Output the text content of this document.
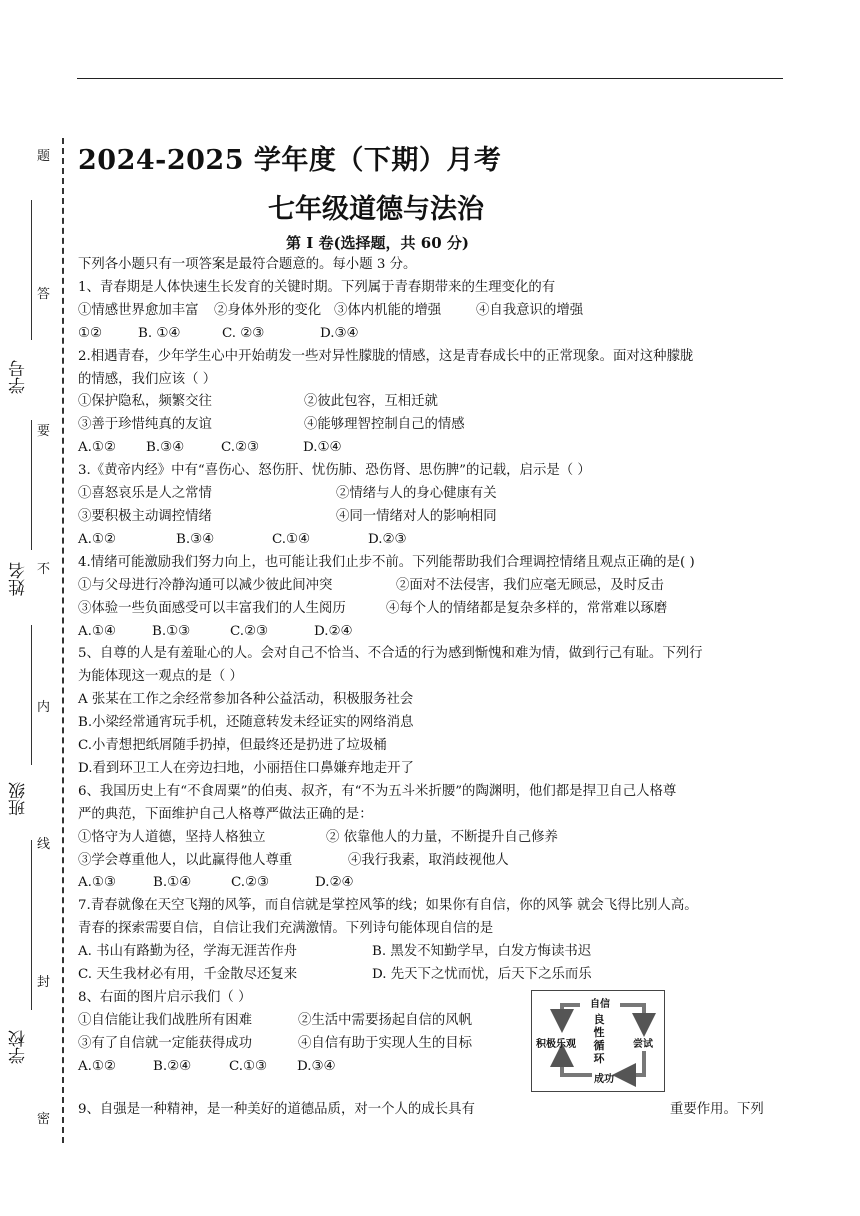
题
答
要
不
内
线
封
密
学号
姓名
班级
学校
2024-2025 学年度（下期）月考
七年级道德与法治
第 I 卷(选择题，共 60 分)

下列各小题只有一项答案是最符合题意的。每小题 3 分。

1、青春期是人体快速生长发育的关键时期。下列属于青春期带来的生理变化的有

①情感世界愈加丰富	②身体外形的变化 ③体内机能的增强	④自我意识的增强
①②	B. ①④	C. ②③	D.③④

2.相遇青春，少年学生心中开始萌发一些对异性朦胧的情感，这是青春成长中的正常现象。面对这种朦胧

的情感，我们应该（ ）

①保护隐私，频繁交往	②彼此包容，互相迁就
③善于珍惜纯真的友谊	④能够理智控制自己的情感
A.①②	B.③④	C.②③	D.①④

3.《黄帝内经》中有“喜伤心、怒伤肝、忧伤肺、恐伤肾、思伤脾”的记载，启示是（ ）

①喜怒哀乐是人之常情	②情绪与人的身心健康有关
③要积极主动调控情绪	④同一情绪对人的影响相同
A.①②	B.③④	C.①④	D.②③

4.情绪可能激励我们努力向上，也可能让我们止步不前。下列能帮助我们合理调控情绪且观点正确的是( )

①与父母进行冷静沟通可以减少彼此间冲突	②面对不法侵害，我们应毫无顾忌，及时反击
③体验一些负面感受可以丰富我们的人生阅历	④每个人的情绪都是复杂多样的，常常难以琢磨
A.①④	B.①③	C.②③	D.②④

5、自尊的人是有羞耻心的人。会对自己不恰当、不合适的行为感到惭愧和难为情，做到行己有耻。下列行

为能体现这一观点的是（ ）

A 张某在工作之余经常参加各种公益活动，积极服务社会

B.小梁经常通宵玩手机，还随意转发未经证实的网络消息

C.小青想把纸屑随手扔掉，但最终还是扔进了垃圾桶

D.看到环卫工人在旁边扫地，小丽捂住口鼻嫌弃地走开了

6、我国历史上有“不食周粟”的伯夷、叔齐，有“不为五斗米折腰”的陶渊明，他们都是捍卫自己人格尊

严的典范，下面维护自己人格尊严做法正确的是：

①恪守为人道德，坚持人格独立	② 依靠他人的力量，不断提升自己修养
③学会尊重他人，以此赢得他人尊重	④我行我素，取消歧视他人
A.①③	B.①④	C.②③	D.②④

7.青春就像在天空飞翔的风筝，而自信就是掌控风筝的线；如果你有自信，你的风筝 就会飞得比别人高。

青春的探索需要自信，自信让我们充满激情。下列诗句能体现自信的是

A. 书山有路勤为径，学海无涯苦作舟	B. 黑发不知勤学早，白发方悔读书迟
C. 天生我材必有用，千金散尽还复来	D. 先天下之忧而忧，后天下之乐而乐

8、右面的图片启示我们（ ）

①自信能让我们战胜所有困难	②生活中需要扬起自信的风帆
③有了自信就一定能获得成功	④自信有助于实现人生的目标
A.①②	B.②④	C.①③	D.③④
9、自强是一种精神，是一种美好的道德品质，对一个人的成长具有	重要作用。下列
自信
尝试
成功
积极乐观
良性循环
